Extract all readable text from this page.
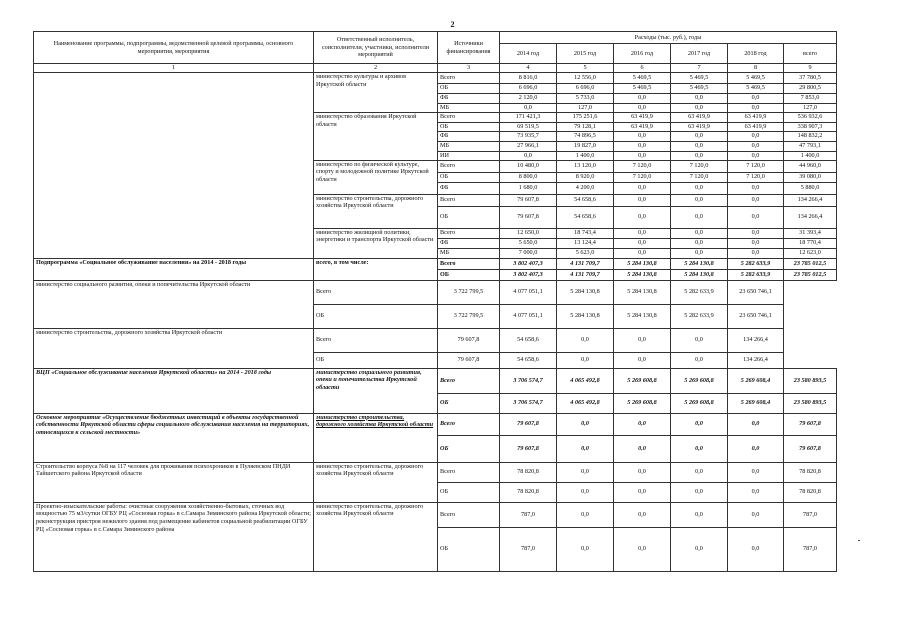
2
Наименование программы, подпрограммы, ведомственной целевой программы, основного мероприятия, мероприятия	Ответственный исполнитель, соисполнители, участники, исполнители мероприятий	Источники финансирования	Расходы (тыс. руб.), годы					
			2014 год	2015 год	2016 год	2017 год	2018 год	всего
1	2	3	4	5	6	7	8	9
	министерство культуры и архивов Иркутской области	Всего	8 816,0	12 556,0	5 469,5	5 469,5	5 469,5	37 780,5
		ОБ	6 696,0	6 696,0	5 469,5	5 469,5	5 469,5	29 800,5
		ФБ	2 120,0	5 733,0	0,0	0,0	0,0	7 853,0
		МБ	0,0	127,0	0,0	0,0	0,0	127,0
	министерство образования Иркутской области	Всего	171 421,3	175 251,6	63 419,9	63 419,9	63 419,9	536 932,6
		ОБ	69 519,5	79 128,1	63 419,9	63 419,9	63 419,9	338 907,3
		ФБ	73 935,7	74 896,5	0,0	0,0	0,0	148 832,2
		МБ	27 966,1	19 827,0	0,0	0,0	0,0	47 793,1
		ИИ	0,0	1 400,0	0,0	0,0	0,0	1 400,0
	министерство по физической культуре, спорту и молодежной политике Иркутской области	Всего	10 480,0	13 120,0	7 120,0	7 120,0	7 120,0	44 960,0
		ОБ	8 800,0	8 920,0	7 120,0	7 120,0	7 120,0	39 080,0
		ФБ	1 680,0	4 200,0	0,0	0,0	0,0	5 880,0
	министерство строительства, дорожного хозяйства Иркутской области	Всего	79 607,8	54 658,6	0,0	0,0	0,0	134 266,4
		ОБ	79 607,8	54 658,6	0,0	0,0	0,0	134 266,4
	министерство жилищной политики, энергетики и транспорта Иркутской области	Всего	12 650,0	18 743,4	0,0	0,0	0,0	31 393,4
		ФБ	5 650,0	13 124,4	0,0	0,0	0,0	18 770,4
		МБ	7 000,0	5 623,0	0,0	0,0	0,0	12 623,0
Подпрограмма «Социальное обслуживание населения» на 2014 - 2018 годы	всего, в том числе:	Всего	3 802 407,3	4 131 709,7	5 284 130,8	5 284 130,8	5 282 633,9	23 785 012,5
		ОБ	3 802 407,3	4 131 709,7	5 284 130,8	5 284 130,8	5 282 633,9	23 785 012,5
министерство социального развития, опеки и попечительства Иркутской области	Всего	3 722 799,5	4 077 051,1	5 284 130,8	5 284 130,8	5 282 633,9	23 650 746,1	
	ОБ	3 722 799,5	4 077 051,1	5 284 130,8	5 284 130,8	5 282 633,9	23 650 746,1	
министерство строительства, дорожного хозяйства Иркутской области	Всего	79 607,8	54 658,6	0,0	0,0	0,0	134 266,4	
	ОБ	79 607,8	54 658,6	0,0	0,0	0,0	134 266,4	
ВЦП «Социальное обслуживание населения Иркутской области» на 2014 - 2018 годы	министерство социального развития, опеки и попечительства Иркутской области	Всего	3 706 574,7	4 065 492,8	5 269 608,8	5 269 608,8	5 269 608,4	23 580 893,5
		ОБ	3 706 574,7	4 065 492,8	5 269 608,8	5 269 608,8	5 269 608,4	23 580 893,5
Основное мероприятие «Осуществление бюджетных инвестиций в объекты государственной собственности Иркутской области сферы социального обслуживания населения на территориях, относящихся к сельской местности»	министерство строительства, дорожного хозяйства Иркутской области	Всего	79 607,8	0,0	0,0	0,0	0,0	79 607,8
		ОБ	79 607,8	0,0	0,0	0,0	0,0	79 607,8
Строительство корпуса №8 на 117 человек для проживания психохроников в Пуляевском ПНДИ Тайшетского района Иркутской области	министерство строительства, дорожного хозяйства Иркутской области	Всего	78 820,8	0,0	0,0	0,0	0,0	78 820,8
		ОБ	78 820,8	0,0	0,0	0,0	0,0	78 820,8
Проектно-изыскательские работы: очистные сооружения хозяйственно-бытовых, сточных вод мощностью 75 м3/сутки ОГБУ РЦ «Сосновая горка» в с.Самара Зиминского района Иркутской области; реконструкция пристроя нежилого здания под размещение кабинетов социальной реабилитации ОГБУ РЦ «Сосновая горка» в с.Самара Зиминского района	министерство строительства, дорожного хозяйства Иркутской области	Всего	787,0	0,0	0,0	0,0	0,0	787,0
		ОБ	787,0	0,0	0,0	0,0	0,0	787,0
